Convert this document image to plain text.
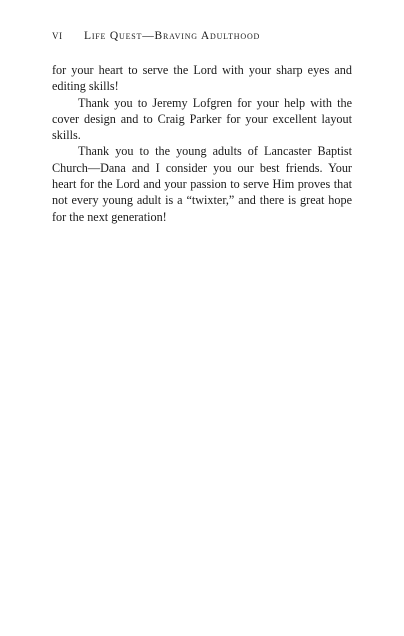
vi Life Quest—Braving Adulthood

for your heart to serve the Lord with your sharp eyes and editing skills!

Thank you to Jeremy Lofgren for your help with the cover design and to Craig Parker for your excellent layout skills.

Thank you to the young adults of Lancaster Baptist Church—Dana and I consider you our best friends. Your heart for the Lord and your passion to serve Him proves that not every young adult is a “twixter,” and there is great hope for the next generation!
